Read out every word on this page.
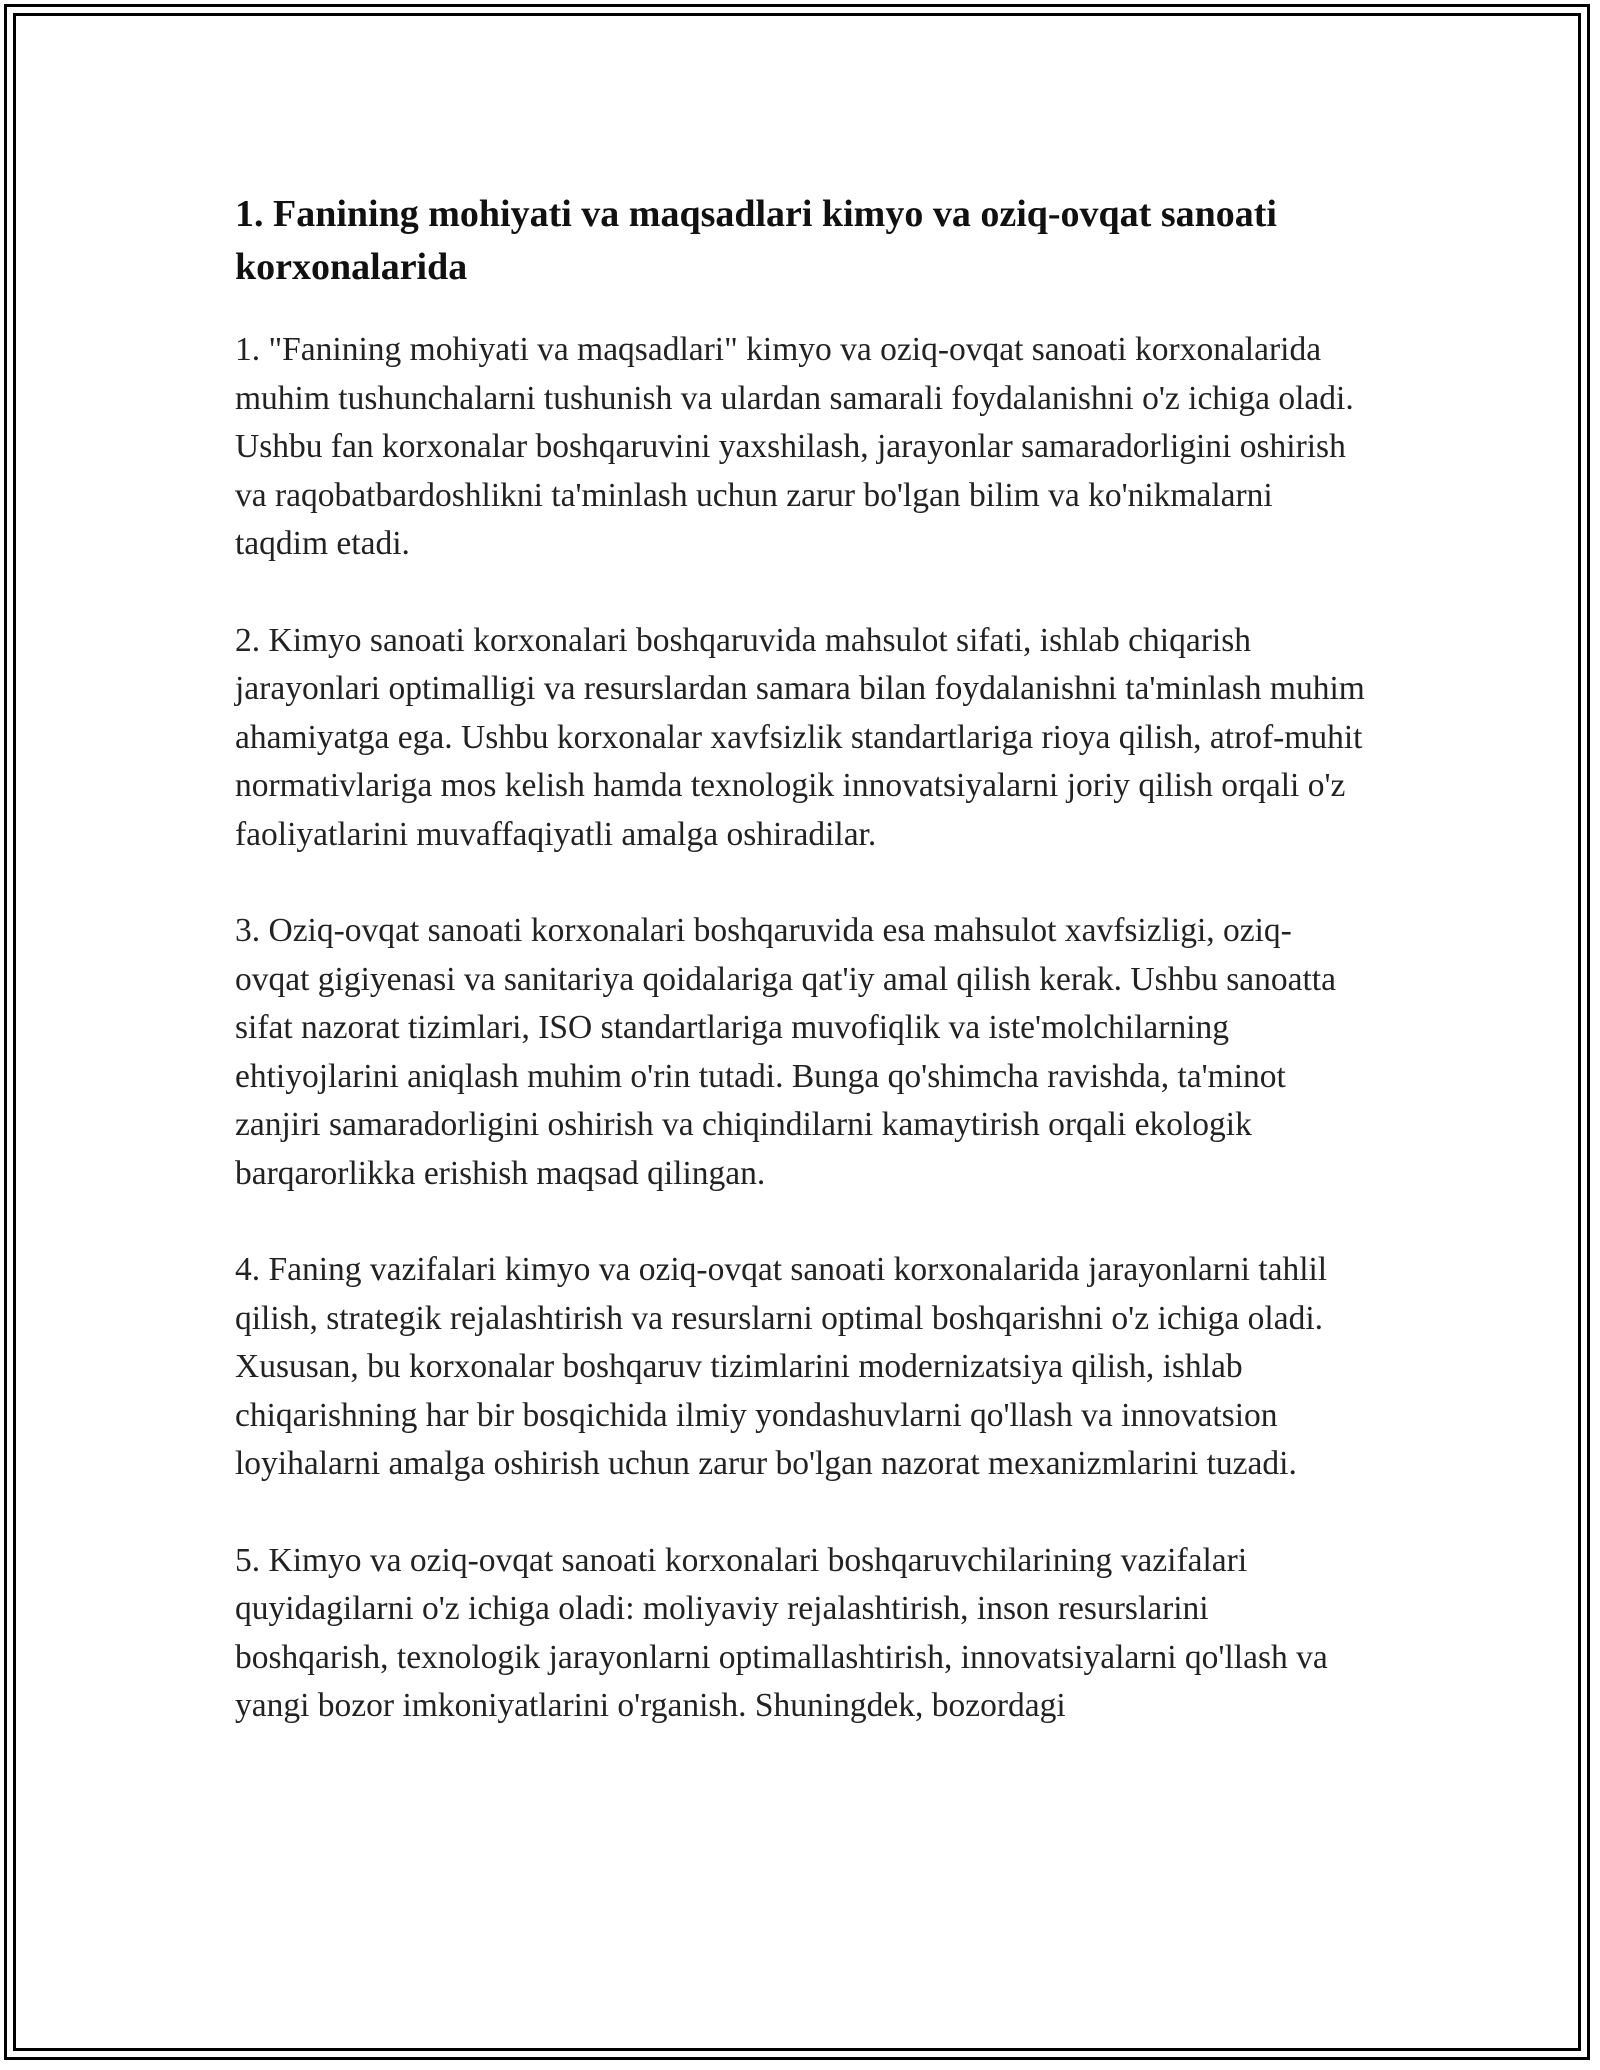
1. Fanining mohiyati va maqsadlari kimyo va oziq-ovqat sanoati korxonalarida

1. "Fanining mohiyati va maqsadlari" kimyo va oziq-ovqat sanoati korxonalarida muhim tushunchalarni tushunish va ulardan samarali foydalanishni o'z ichiga oladi. Ushbu fan korxonalar boshqaruvini yaxshilash, jarayonlar samaradorligini oshirish va raqobatbardoshlikni ta'minlash uchun zarur bo'lgan bilim va ko'nikmalarni taqdim etadi.

2. Kimyo sanoati korxonalari boshqaruvida mahsulot sifati, ishlab chiqarish jarayonlari optimalligi va resurslardan samara bilan foydalanishni ta'minlash muhim ahamiyatga ega. Ushbu korxonalar xavfsizlik standartlariga rioya qilish, atrof-muhit normativlariga mos kelish hamda texnologik innovatsiyalarni joriy qilish orqali o'z faoliyatlarini muvaffaqiyatli amalga oshiradilar.

3. Oziq-ovqat sanoati korxonalari boshqaruvida esa mahsulot xavfsizligi, oziq-ovqat gigiyenasi va sanitariya qoidalariga qat'iy amal qilish kerak. Ushbu sanoatta sifat nazorat tizimlari, ISO standartlariga muvofiqlik va iste'molchilarning ehtiyojlarini aniqlash muhim o'rin tutadi. Bunga qo'shimcha ravishda, ta'minot zanjiri samaradorligini oshirish va chiqindilarni kamaytirish orqali ekologik barqarorlikka erishish maqsad qilingan.

4. Faning vazifalari kimyo va oziq-ovqat sanoati korxonalarida jarayonlarni tahlil qilish, strategik rejalashtirish va resurslarni optimal boshqarishni o'z ichiga oladi. Xususan, bu korxonalar boshqaruv tizimlarini modernizatsiya qilish, ishlab chiqarishning har bir bosqichida ilmiy yondashuvlarni qo'llash va innovatsion loyihalarni amalga oshirish uchun zarur bo'lgan nazorat mexanizmlarini tuzadi.

5. Kimyo va oziq-ovqat sanoati korxonalari boshqaruvchilarining vazifalari quyidagilarni o'z ichiga oladi: moliyaviy rejalashtirish, inson resurslarini boshqarish, texnologik jarayonlarni optimallashtirish, innovatsiyalarni qo'llash va yangi bozor imkoniyatlarini o'rganish. Shuningdek, bozordagi
